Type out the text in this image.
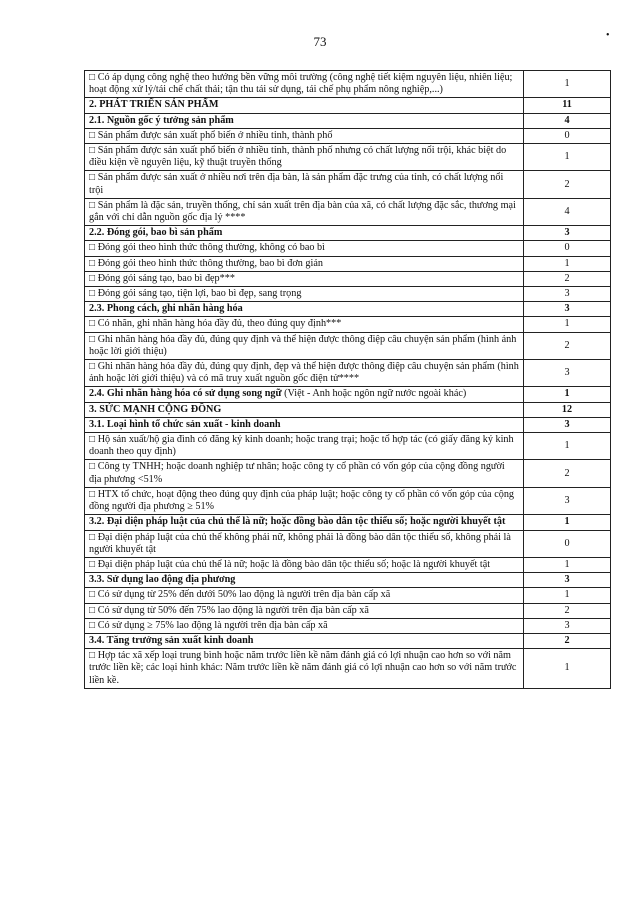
73	•
□ Có áp dụng công nghệ theo hướng bền vững môi trường (công nghệ tiết kiệm nguyên liệu, nhiên liệu; hoạt động xử lý/tái chế chất thải; tận thu tái sử dụng, tái chế phụ phẩm nông nghiệp,...)	1
2. PHÁT TRIỂN SẢN PHẨM	11
2.1. Nguồn gốc ý tưởng sản phẩm	4
□ Sản phẩm được sản xuất phổ biến ở nhiều tỉnh, thành phố	0
□ Sản phẩm được sản xuất phổ biến ở nhiều tỉnh, thành phố nhưng có chất lượng nổi trội, khác biệt do điều kiện về nguyên liệu, kỹ thuật truyền thống	1
□ Sản phẩm được sản xuất ở nhiều nơi trên địa bàn, là sản phẩm đặc trưng của tỉnh, có chất lượng nổi trội	2
□ Sản phẩm là đặc sản, truyền thống, chỉ sản xuất trên địa bàn của xã, có chất lượng đặc sắc, thương mại gắn với chỉ dẫn nguồn gốc địa lý ****	4
2.2. Đóng gói, bao bì sản phẩm	3
□ Đóng gói theo hình thức thông thường, không có bao bì	0
□ Đóng gói theo hình thức thông thường, bao bì đơn giản	1
□ Đóng gói sáng tạo, bao bì đẹp***	2
□ Đóng gói sáng tạo, tiện lợi, bao bì đẹp, sang trọng	3
2.3. Phong cách, ghi nhãn hàng hóa	3
□ Có nhãn, ghi nhãn hàng hóa đầy đủ, theo đúng quy định***	1
□ Ghi nhãn hàng hóa đầy đủ, đúng quy định và thể hiện được thông điệp câu chuyện sản phẩm (hình ảnh hoặc lời giới thiệu)	2
□ Ghi nhãn hàng hóa đầy đủ, đúng quy định, đẹp và thể hiện được thông điệp câu chuyện sản phẩm (hình ảnh hoặc lời giới thiệu) và có mã truy xuất nguồn gốc điện tử****	3
2.4. Ghi nhãn hàng hóa có sử dụng song ngữ (Việt - Anh hoặc ngôn ngữ nước ngoài khác)	1
3. SỨC MẠNH CỘNG ĐỒNG	12
3.1. Loại hình tổ chức sản xuất - kinh doanh	3
□ Hộ sản xuất/hộ gia đình có đăng ký kinh doanh; hoặc trang trại; hoặc tổ hợp tác (có giấy đăng ký kinh doanh theo quy định)	1
□ Công ty TNHH; hoặc doanh nghiệp tư nhân; hoặc công ty cổ phần có vốn góp của cộng đồng người địa phương <51%	2
□ HTX tổ chức, hoạt động theo đúng quy định của pháp luật; hoặc công ty cổ phần có vốn góp của cộng đồng người địa phương ≥ 51%	3
3.2. Đại diện pháp luật của chủ thể là nữ; hoặc đồng bào dân tộc thiểu số; hoặc người khuyết tật	1
□ Đại diện pháp luật của chủ thể không phải nữ, không phải là đồng bào dân tộc thiểu số, không phải là người khuyết tật	0
□ Đại diện pháp luật của chủ thể là nữ; hoặc là đồng bào dân tộc thiểu số; hoặc là người khuyết tật	1
3.3. Sử dụng lao động địa phương	3
□ Có sử dụng từ 25% đến dưới 50% lao động là người trên địa bàn cấp xã	1
□ Có sử dụng từ 50% đến 75% lao động là người trên địa bàn cấp xã	2
□ Có sử dụng ≥ 75% lao động là người trên địa bàn cấp xã	3
3.4. Tăng trưởng sản xuất kinh doanh	2
□ Hợp tác xã xếp loại trung bình hoặc năm trước liền kề năm đánh giá có lợi nhuận cao hơn so với năm trước liền kề; các loại hình khác: Năm trước liền kề năm đánh giá có lợi nhuận cao hơn so với năm trước liền kề.	1
